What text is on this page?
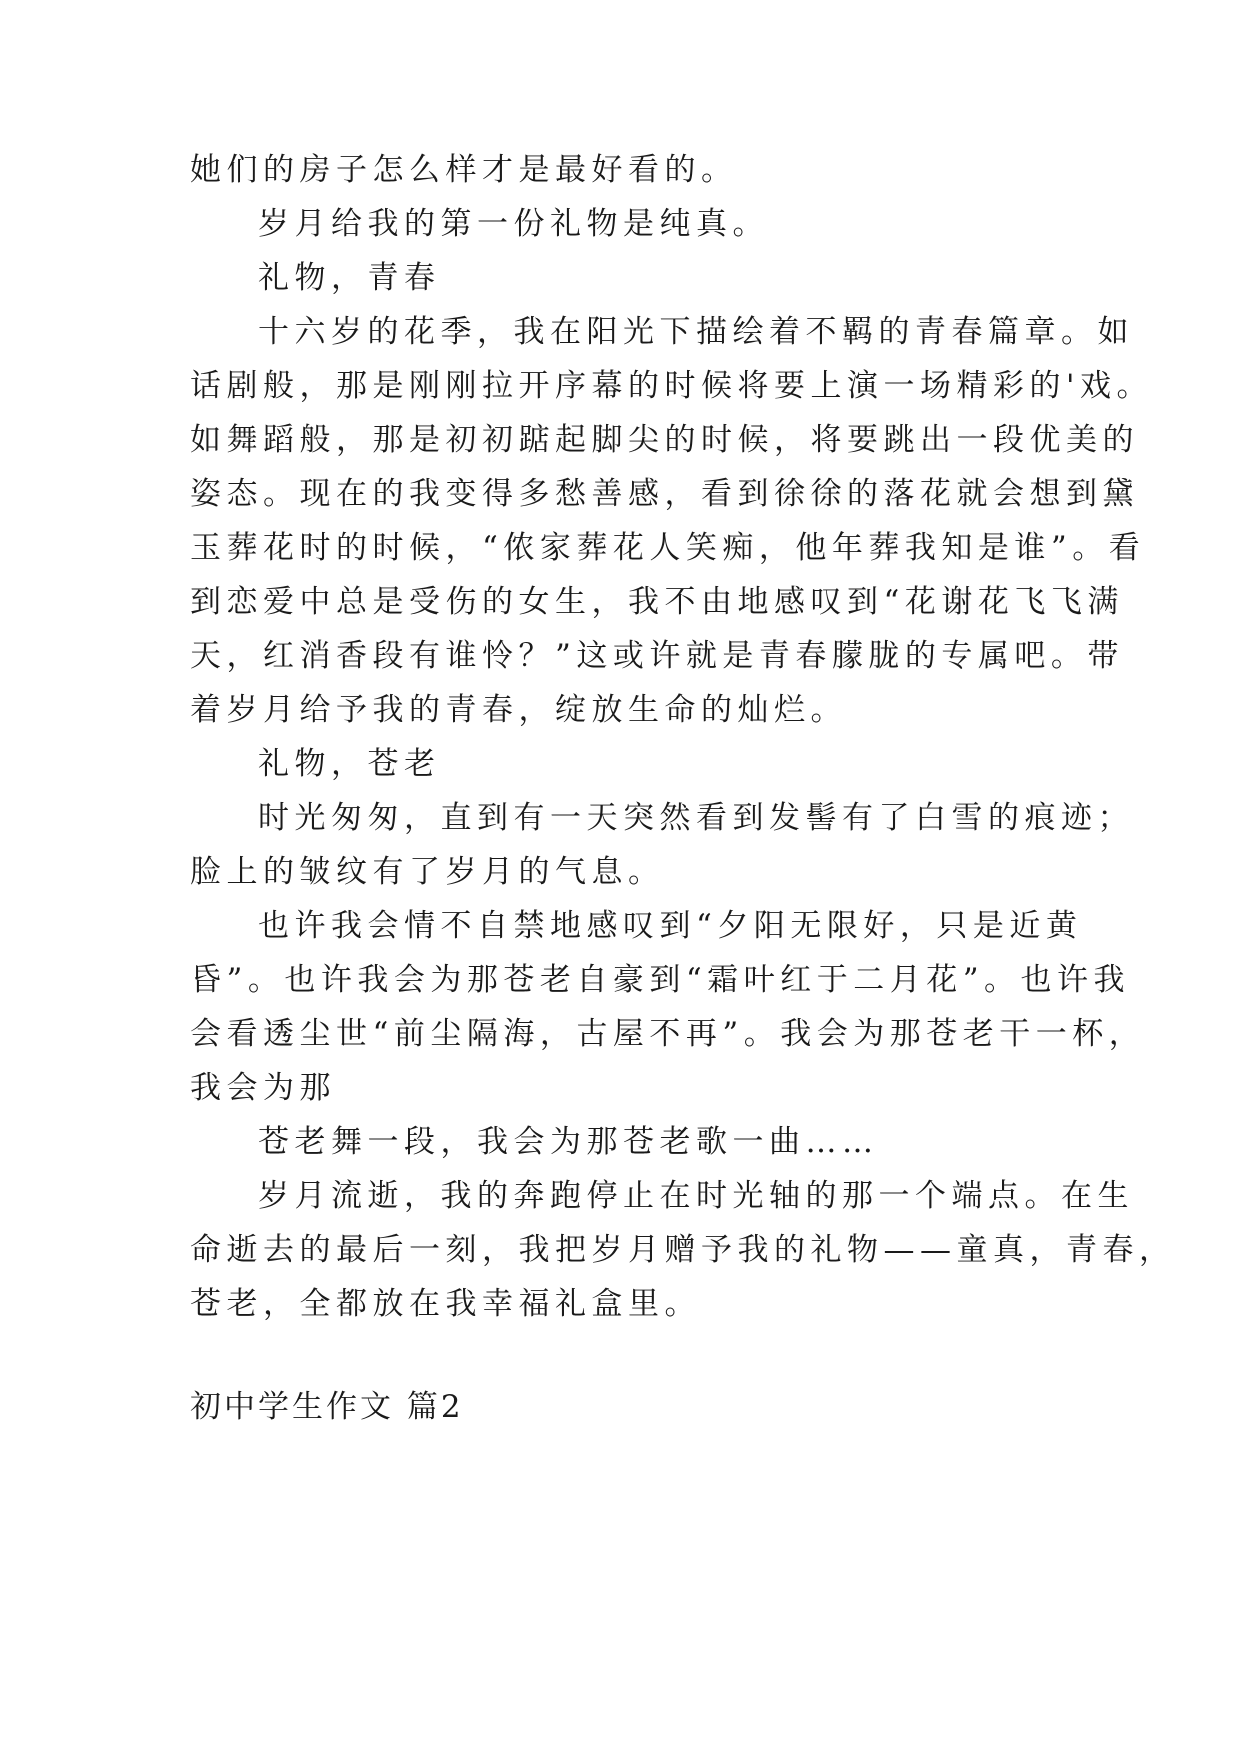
她们的房子怎么样才是最好看的。
岁月给我的第一份礼物是纯真。
礼物，青春
十六岁的花季，我在阳光下描绘着不羁的青春篇章。如
话剧般，那是刚刚拉开序幕的时候将要上演一场精彩的'戏。
如舞蹈般，那是初初踮起脚尖的时候，将要跳出一段优美的
姿态。现在的我变得多愁善感，看到徐徐的落花就会想到黛
玉葬花时的时候，“侬家葬花人笑痴，他年葬我知是谁”。看
到恋爱中总是受伤的女生，我不由地感叹到“花谢花飞飞满
天，红消香段有谁怜？”这或许就是青春朦胧的专属吧。带
着岁月给予我的青春，绽放生命的灿烂。
礼物，苍老
时光匆匆，直到有一天突然看到发髻有了白雪的痕迹；
脸上的皱纹有了岁月的气息。
也许我会情不自禁地感叹到“夕阳无限好，只是近黄
昏”。也许我会为那苍老自豪到“霜叶红于二月花”。也许我
会看透尘世“前尘隔海，古屋不再”。我会为那苍老干一杯，
我会为那
苍老舞一段，我会为那苍老歌一曲……
岁月流逝，我的奔跑停止在时光轴的那一个端点。在生
命逝去的最后一刻，我把岁月赠予我的礼物——童真，青春，
苍老，全都放在我幸福礼盒里。
初中学生作文 篇2
